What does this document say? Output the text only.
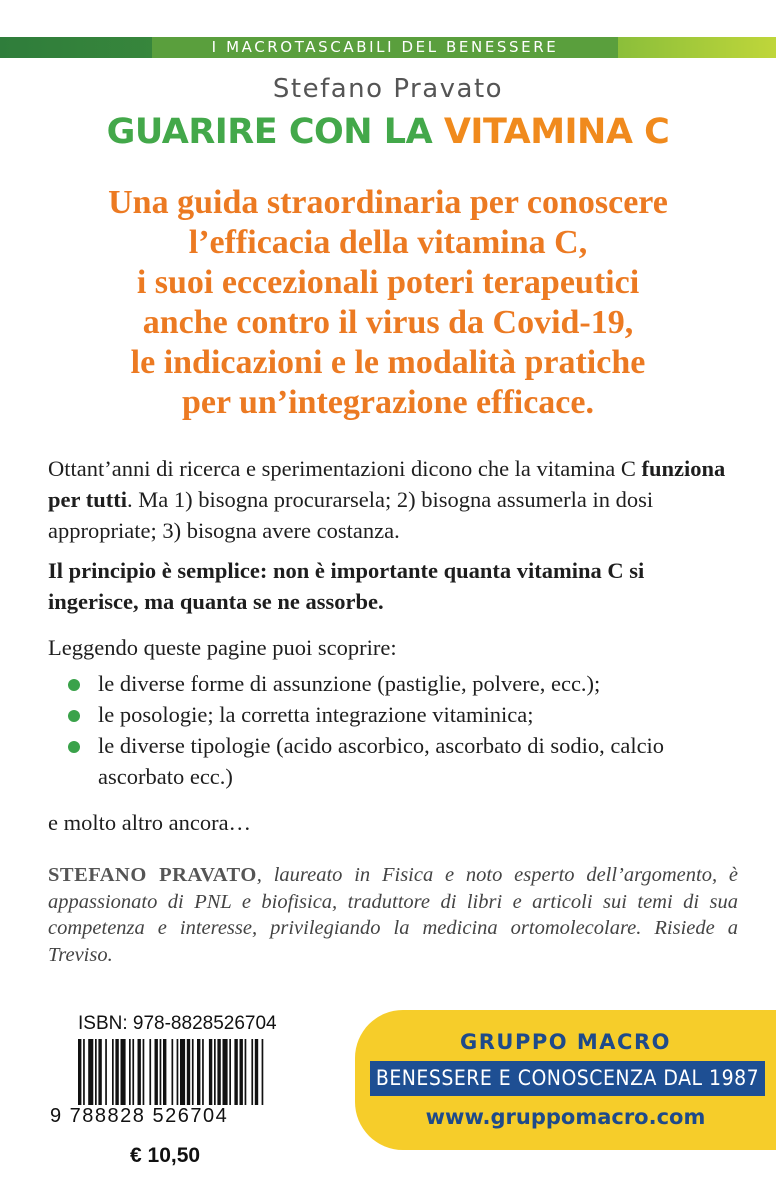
I MACROTASCABILI DEL BENESSERE
Stefano Pravato
GUARIRE CON LA VITAMINA C
Una guida straordinaria per conoscere
l’efficacia della vitamina C,
i suoi eccezionali poteri terapeutici
anche contro il virus da Covid-19,
le indicazioni e le modalità pratiche
per un’integrazione efficace.
Ottant’anni di ricerca e sperimentazioni dicono che la vitamina C funziona per tutti. Ma 1) bisogna procurarsela; 2) bisogna assumerla in dosi appropriate; 3) bisogna avere costanza.
Il principio è semplice: non è importante quanta vitamina C si ingerisce, ma quanta se ne assorbe.
Leggendo queste pagine puoi scoprire:
le diverse forme di assunzione (pastiglie, polvere, ecc.);
le posologie; la corretta integrazione vitaminica;
le diverse tipologie (acido ascorbico, ascorbato di sodio, calcio ascorbato ecc.)
e molto altro ancora…
STEFANO PRAVATO, laureato in Fisica e noto esperto dell’argomento, è appassionato di PNL e biofisica, traduttore di libri e articoli sui temi di sua competenza e interesse, privilegiando la medicina ortomolecolare. Risiede a Treviso.
ISBN: 978-8828526704
9 788828 526704
€ 10,50
GRUPPO MACRO
BENESSERE E CONOSCENZA DAL 1987
www.gruppomacro.com
